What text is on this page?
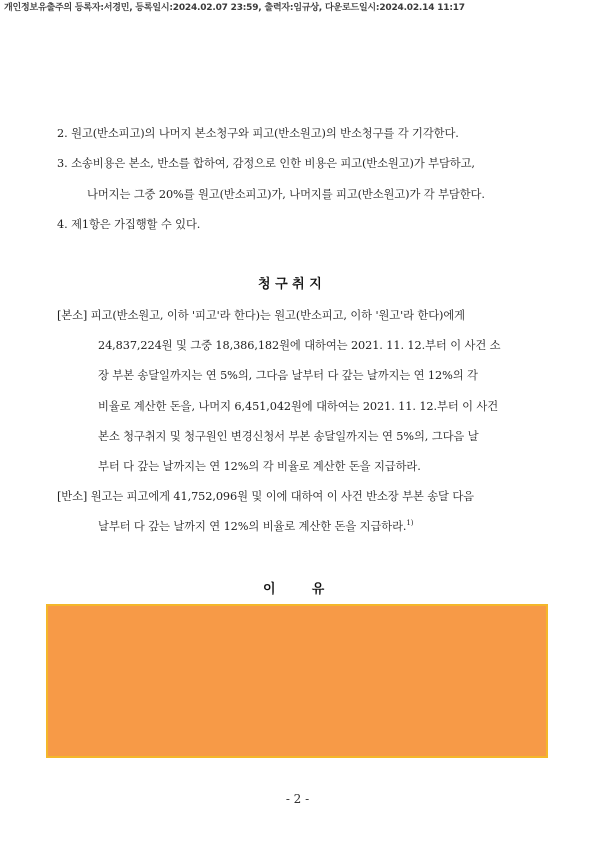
개인정보유출주의 등록자:서경민, 등록일시:2024.02.07 23:59, 출력자:임규상, 다운로드일시:2024.02.14 11:17
2. 원고(반소피고)의 나머지 본소청구와 피고(반소원고)의 반소청구를 각 기각한다.
3. 소송비용은 본소, 반소를 합하여, 감정으로 인한 비용은 피고(반소원고)가 부담하고,
나머지는 그중 20%를 원고(반소피고)가, 나머지를 피고(반소원고)가 각 부담한다.
4. 제1항은 가집행할 수 있다.
청 구 취 지
[본소] 피고(반소원고, 이하 '피고'라 한다)는 원고(반소피고, 이하 '원고'라 한다)에게
24,837,224원 및 그중 18,386,182원에 대하여는 2021. 11. 12.부터 이 사건 소
장 부본 송달일까지는 연 5%의, 그다음 날부터 다 갚는 날까지는 연 12%의 각
비율로 계산한 돈을, 나머지 6,451,042원에 대하여는 2021. 11. 12.부터 이 사건
본소 청구취지 및 청구원인 변경신청서 부본 송달일까지는 연 5%의, 그다음 날
부터 다 갚는 날까지는 연 12%의 각 비율로 계산한 돈을 지급하라.
[반소] 원고는 피고에게 41,752,096원 및 이에 대하여 이 사건 반소장 부본 송달 다음
날부터 다 갚는 날까지 연 12%의 비율로 계산한 돈을 지급하라.$^{1)}$
이        유
- 2 -
